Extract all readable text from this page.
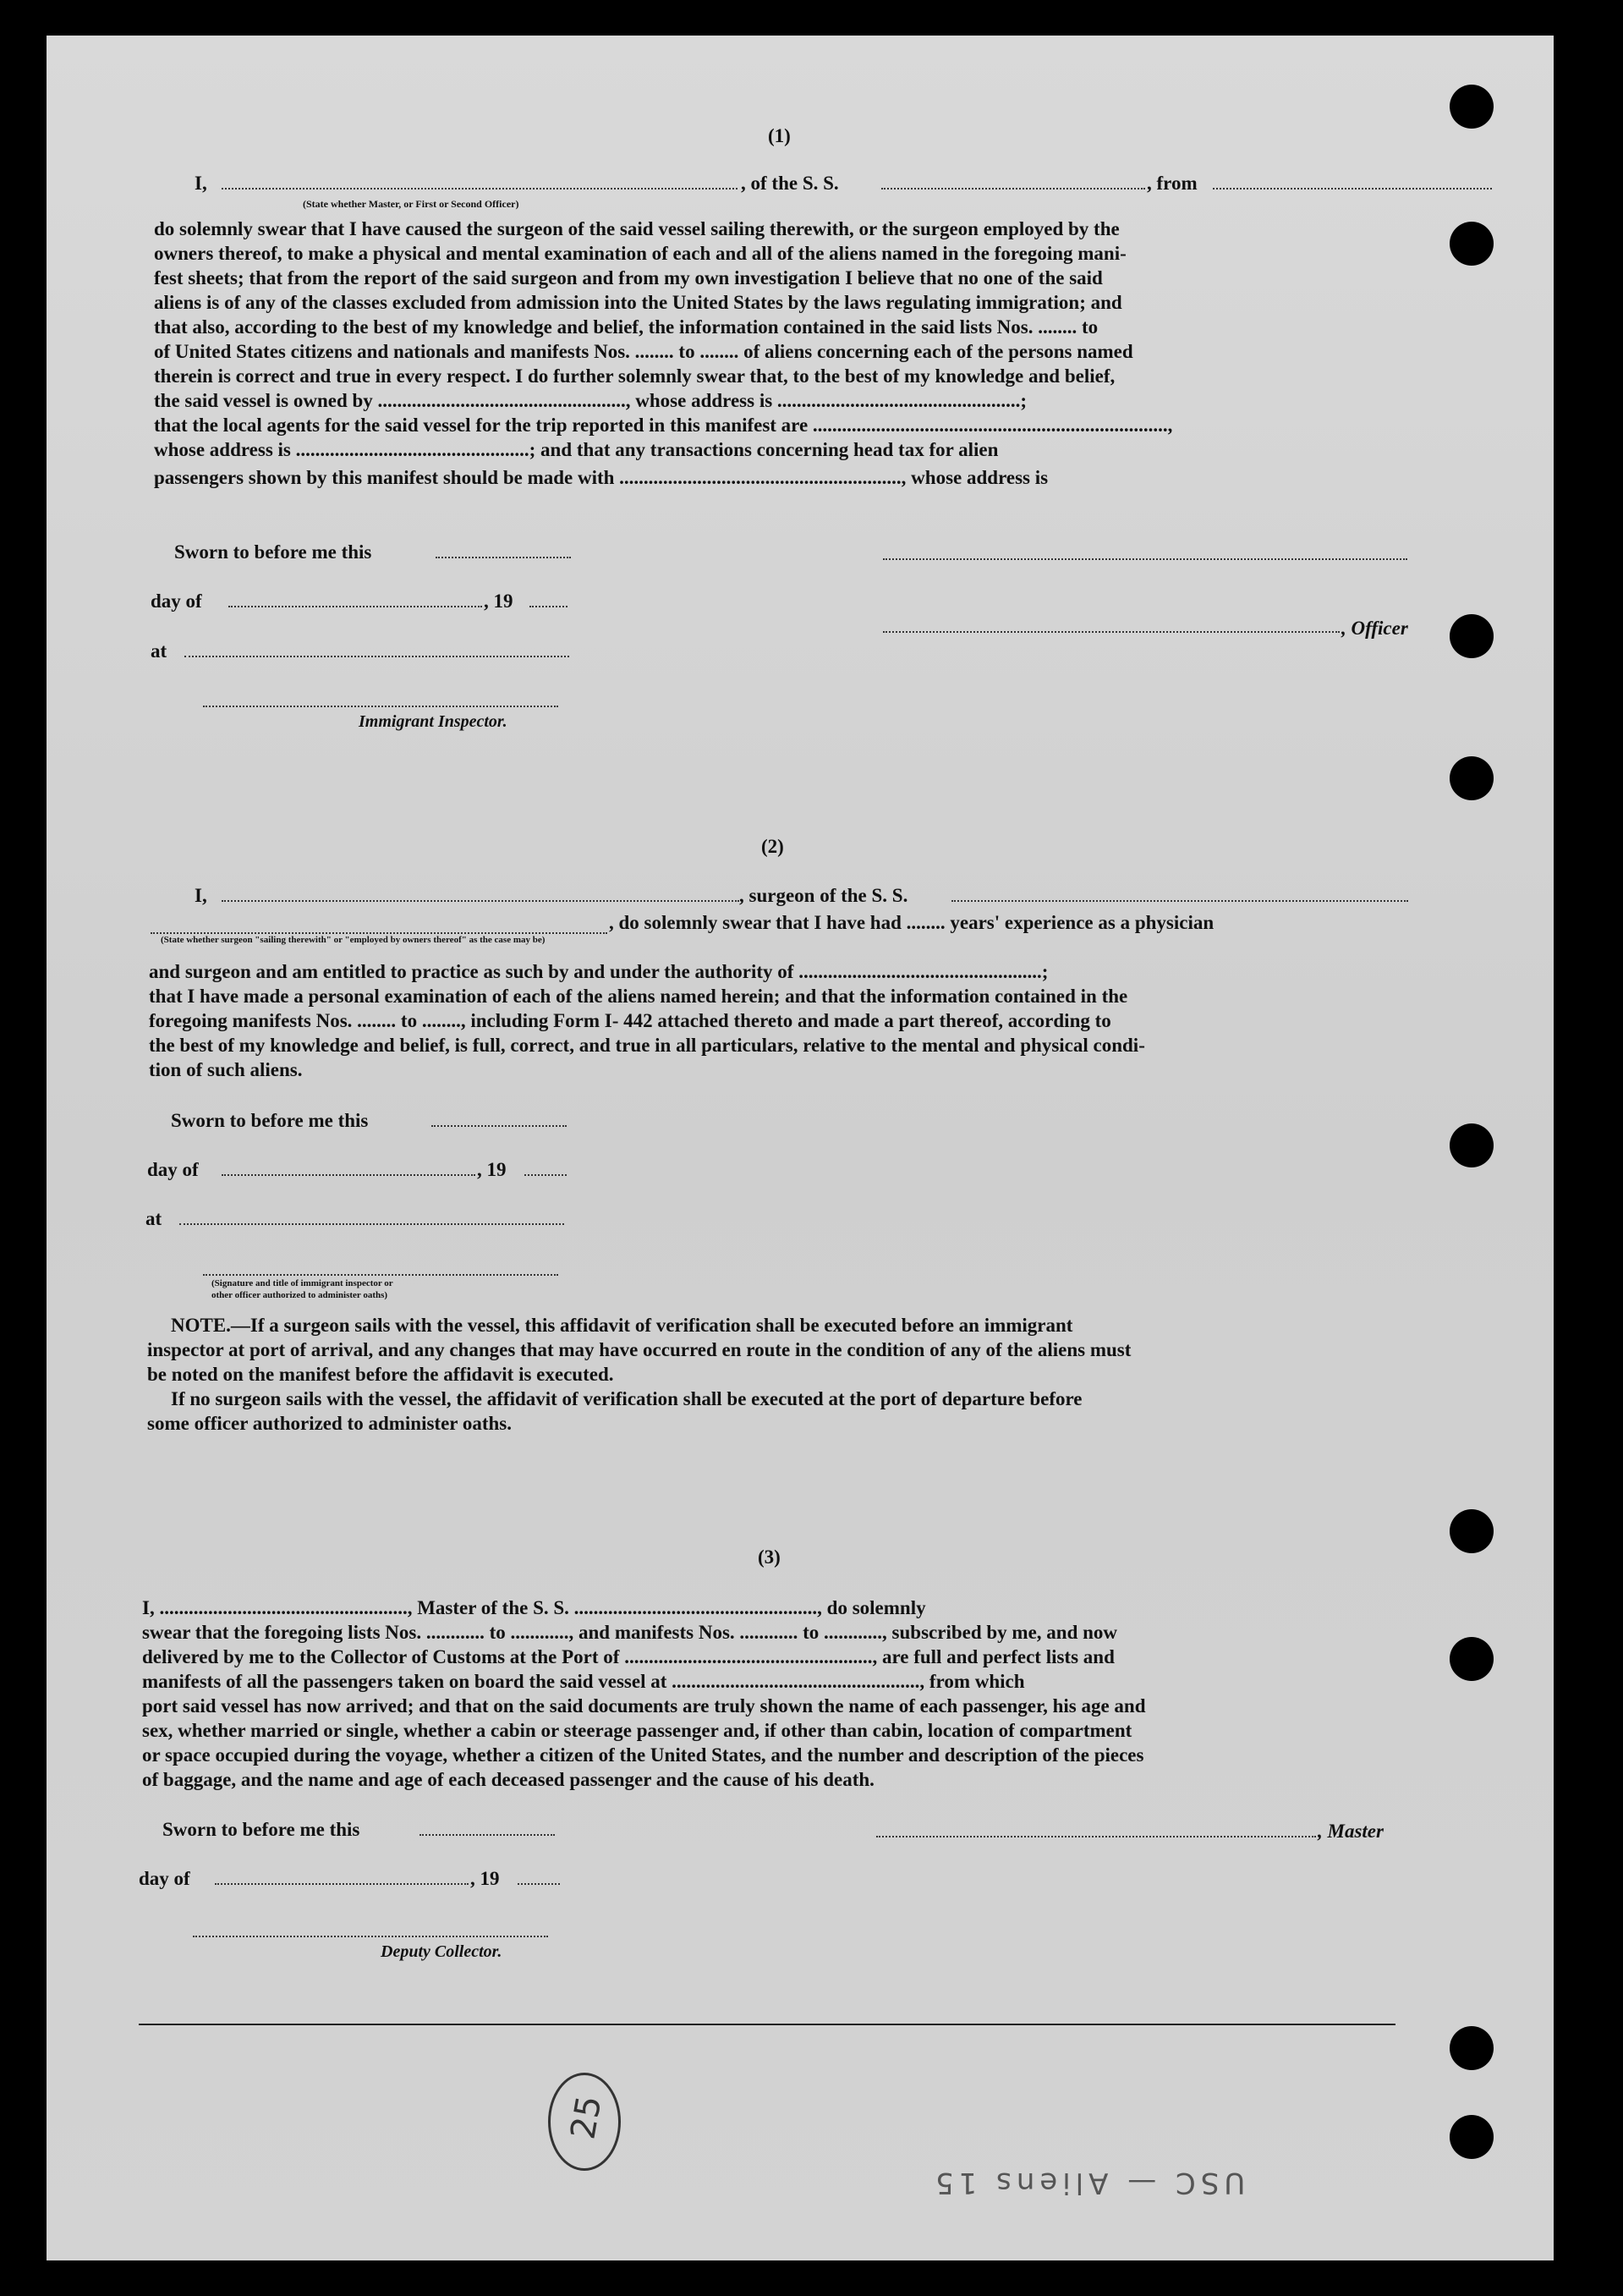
(1)
I,
(State whether Master, or First or Second Officer)
, of the S. S.	, from
do solemnly swear that I have caused the surgeon of the said vessel sailing therewith, or the surgeon employed by the
owners thereof, to make a physical and mental examination of each and all of the aliens named in the foregoing mani-
fest sheets; that from the report of the said surgeon and from my own investigation I believe that no one of the said
aliens is of any of the classes excluded from admission into the United States by the laws regulating immigration; and
that also, according to the best of my knowledge and belief, the information contained in the said lists Nos. ........ to
of United States citizens and nationals and manifests Nos. ........ to ........ of aliens concerning each of the persons named
therein is correct and true in every respect. I do further solemnly swear that, to the best of my knowledge and belief,
the said vessel is owned by ..................................................., whose address is ..................................................;
that the local agents for the said vessel for the trip reported in this manifest are .........................................................................,
whose address is ................................................; and that any transactions concerning head tax for alien
passengers shown by this manifest should be made with .........................................................., whose address is
Sworn to before me this
day of	, 19
, Officer
at
Immigrant Inspector.
(2)
I,	, surgeon of the S. S.
(State whether surgeon "sailing therewith" or "employed by owners thereof" as the case may be)
, do solemnly swear that I have had ........ years' experience as a physician
and surgeon and am entitled to practice as such by and under the authority of ..................................................;
that I have made a personal examination of each of the aliens named herein; and that the information contained in the
foregoing manifests Nos. ........ to ........, including Form I- 442 attached thereto and made a part thereof, according to
the best of my knowledge and belief, is full, correct, and true in all particulars, relative to the mental and physical condi-
tion of such aliens.
Sworn to before me this
day of	, 19
at
(Signature and title of immigrant inspector or
other officer authorized to administer oaths)
NOTE.—If a surgeon sails with the vessel, this affidavit of verification shall be executed before an immigrant
inspector at port of arrival, and any changes that may have occurred en route in the condition of any of the aliens must
be noted on the manifest before the affidavit is executed.
If no surgeon sails with the vessel, the affidavit of verification shall be executed at the port of departure before
some officer authorized to administer oaths.
(3)
I, ..................................................., Master of the S. S. .................................................., do solemnly
swear that the foregoing lists Nos. ............ to ............, and manifests Nos. ............ to ............, subscribed by me, and now
delivered by me to the Collector of Customs at the Port of ..................................................., are full and perfect lists and
manifests of all the passengers taken on board the said vessel at ..................................................., from which
port said vessel has now arrived; and that on the said documents are truly shown the name of each passenger, his age and
sex, whether married or single, whether a cabin or steerage passenger and, if other than cabin, location of compartment
or space occupied during the voyage, whether a citizen of the United States, and the number and description of the pieces
of baggage, and the name and age of each deceased passenger and the cause of his death.
Sworn to before me this	, Master
day of	, 19
Deputy Collector.
25
USC — Aliens 15
